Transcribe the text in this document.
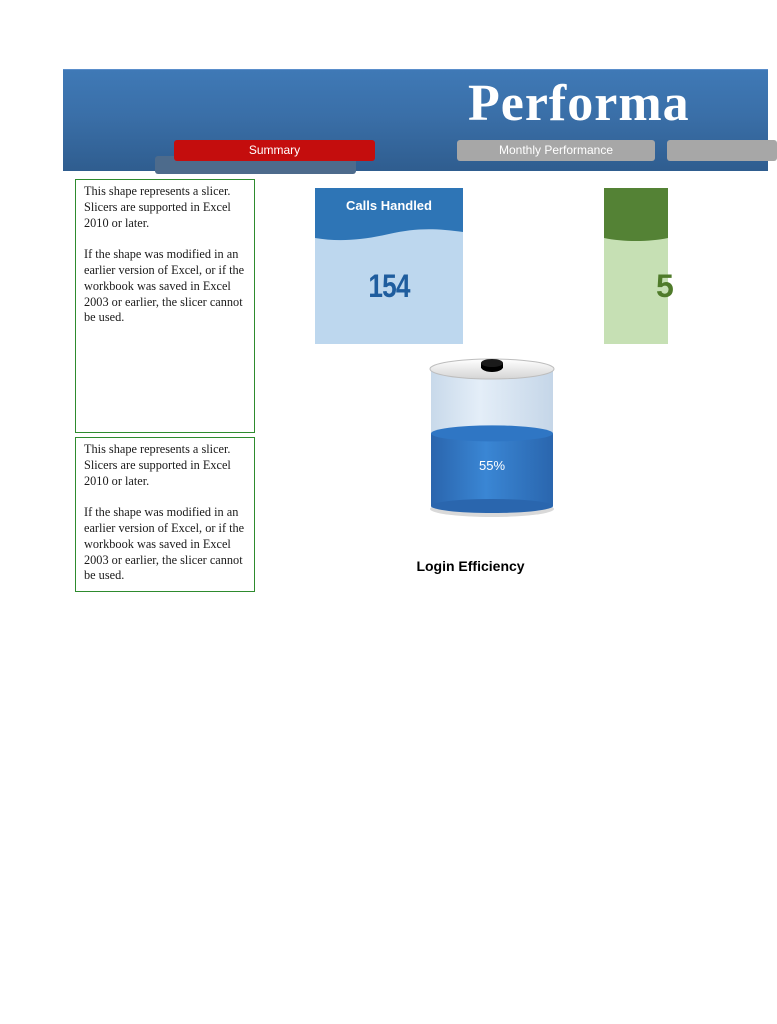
Performa
Summary	Monthly Performance

This shape represents a slicer. Slicers are supported in Excel 2010 or later.

If the shape was modified in an earlier version of Excel, or if the workbook was saved in Excel 2003 or earlier, the slicer cannot be used.

This shape represents a slicer. Slicers are supported in Excel 2010 or later.

If the shape was modified in an earlier version of Excel, or if the workbook was saved in Excel 2003 or earlier, the slicer cannot be used.

Calls Handled
154	5
55%
Login Efficiency
